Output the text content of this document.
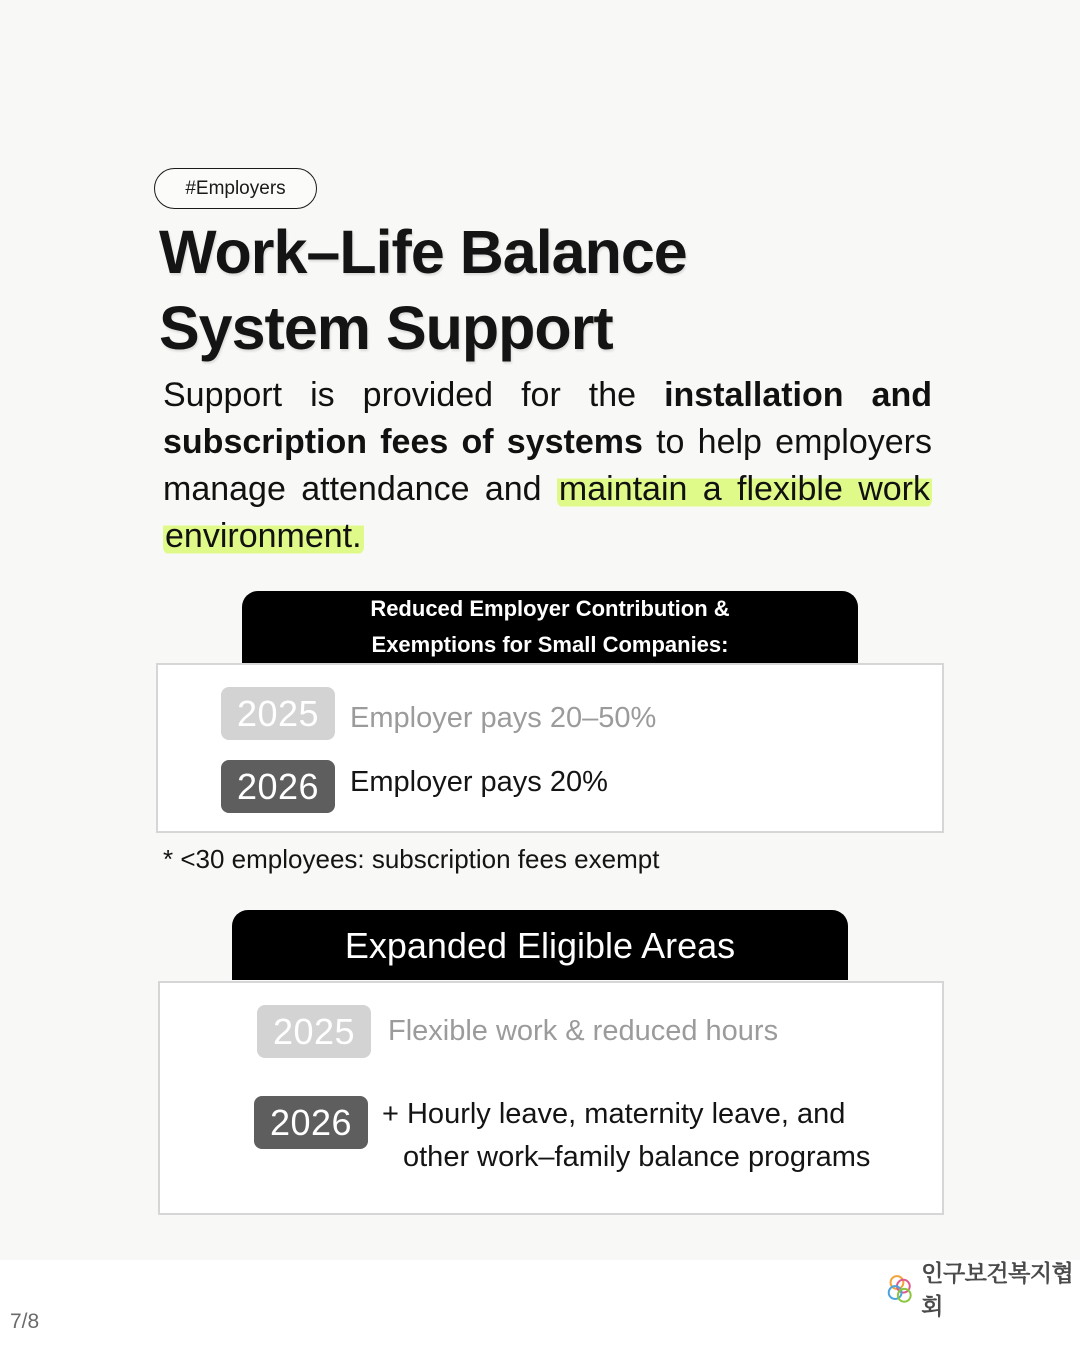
#Employers
Work–Life Balance
System Support

Support is provided for the installation and subscription fees of systems to help employers manage attendance and maintain a flexible work environment.

Reduced Employer Contribution &
Exemptions for Small Companies:
2025	Employer pays 20–50%
2026	Employer pays 20%
* <30 employees: subscription fees exempt
Expanded Eligible Areas
2025	Flexible work & reduced hours
2026	+ Hourly leave, maternity leave, and
other work–family balance programs
7/8
인구보건복지협회
